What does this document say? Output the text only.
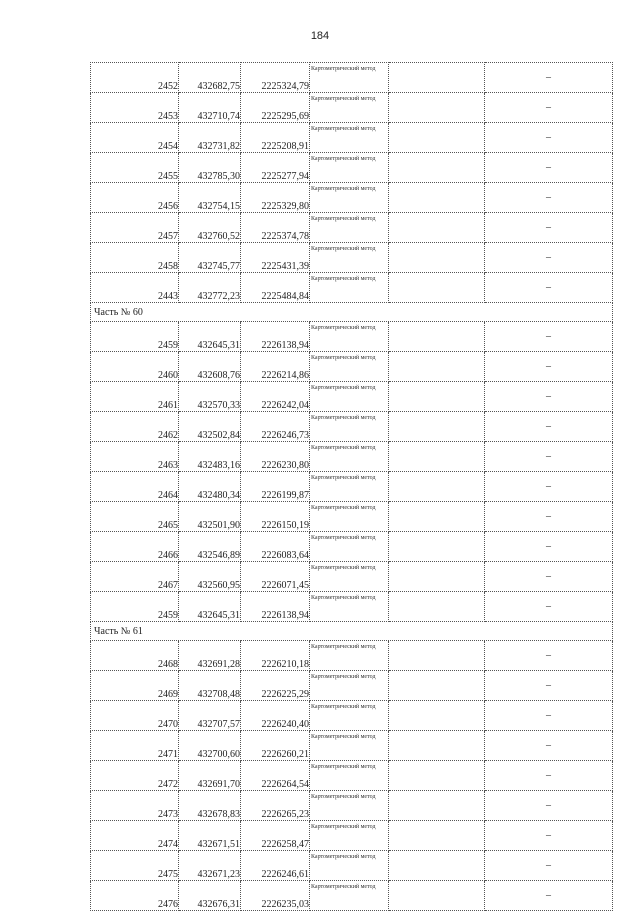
184
2452	432682,75	2225324,79	Картометрический метод		–
2453	432710,74	2225295,69	Картометрический метод		–
2454	432731,82	2225208,91	Картометрический метод		–
2455	432785,30	2225277,94	Картометрический метод		–
2456	432754,15	2225329,80	Картометрический метод		–
2457	432760,52	2225374,78	Картометрический метод		–
2458	432745,77	2225431,39	Картометрический метод		–
2443	432772,23	2225484,84	Картометрический метод		–
Часть № 60					
2459	432645,31	2226138,94	Картометрический метод		–
2460	432608,76	2226214,86	Картометрический метод		–
2461	432570,33	2226242,04	Картометрический метод		–
2462	432502,84	2226246,73	Картометрический метод		–
2463	432483,16	2226230,80	Картометрический метод		–
2464	432480,34	2226199,87	Картометрический метод		–
2465	432501,90	2226150,19	Картометрический метод		–
2466	432546,89	2226083,64	Картометрический метод		–
2467	432560,95	2226071,45	Картометрический метод		–
2459	432645,31	2226138,94	Картометрический метод		–
Часть № 61					
2468	432691,28	2226210,18	Картометрический метод		–
2469	432708,48	2226225,29	Картометрический метод		–
2470	432707,57	2226240,40	Картометрический метод		–
2471	432700,60	2226260,21	Картометрический метод		–
2472	432691,70	2226264,54	Картометрический метод		–
2473	432678,83	2226265,23	Картометрический метод		–
2474	432671,51	2226258,47	Картометрический метод		–
2475	432671,23	2226246,61	Картометрический метод		–
2476	432676,31	2226235,03	Картометрический метод		–
